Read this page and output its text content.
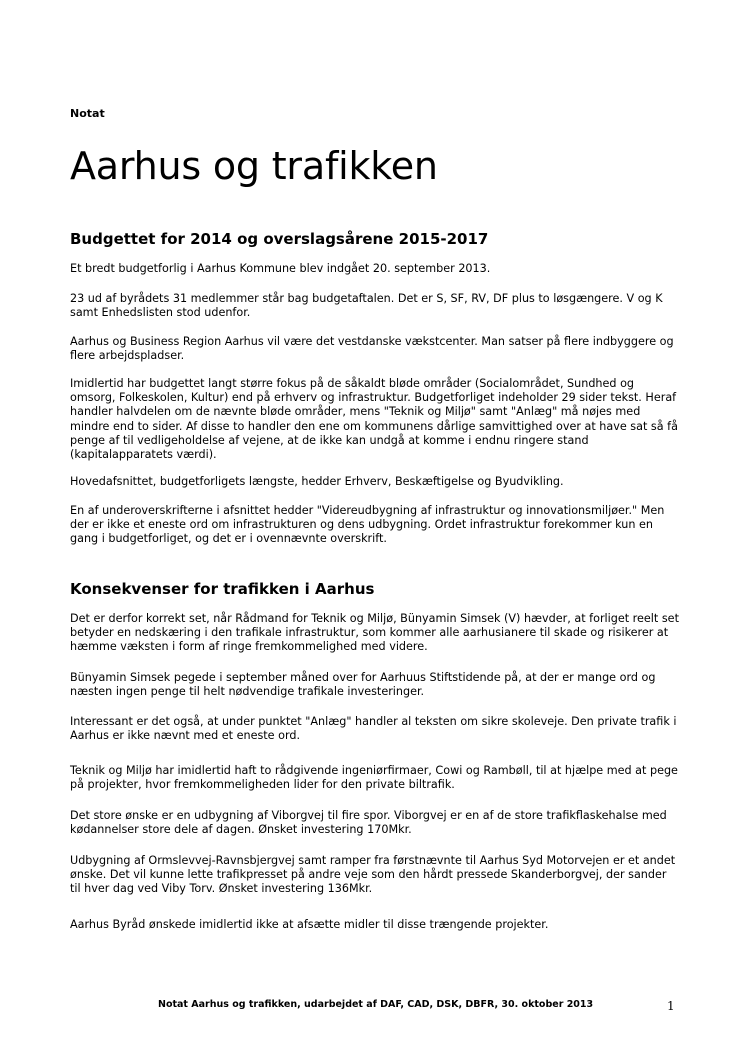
Notat

Aarhus og trafikken
Budgettet for 2014 og overslagsårene 2015-2017

Et bredt budgetforlig i Aarhus Kommune blev indgået 20. september 2013.

23 ud af byrådets 31 medlemmer står bag budgetaftalen. Det er S, SF, RV, DF plus to løsgængere. V og K samt Enhedslisten stod udenfor.

Aarhus og Business Region Aarhus vil være det vestdanske vækstcenter. Man satser på flere indbyggere og flere arbejdspladser.

Imidlertid har budgettet langt større fokus på de såkaldt bløde områder (Socialområdet, Sundhed og omsorg, Folkeskolen, Kultur) end på erhverv og infrastruktur. Budgetforliget indeholder 29 sider tekst. Heraf handler halvdelen om de nævnte bløde områder, mens "Teknik og Miljø" samt "Anlæg" må nøjes med mindre end to sider. Af disse to handler den ene om kommunens dårlige samvittighed over at have sat så få penge af til vedligeholdelse af vejene, at de ikke kan undgå at komme i endnu ringere stand (kapitalapparatets værdi).

Hovedafsnittet, budgetforligets længste, hedder Erhverv, Beskæftigelse og Byudvikling.

En af underoverskrifterne i afsnittet hedder "Videreudbygning af infrastruktur og innovationsmiljøer." Men der er ikke et eneste ord om infrastrukturen og dens udbygning. Ordet infrastruktur forekommer kun en gang i budgetforliget, og det er i ovennævnte overskrift.

Konsekvenser for trafikken i Aarhus

Det er derfor korrekt set, når Rådmand for Teknik og Miljø, Bünyamin Simsek (V) hævder, at forliget reelt set betyder en nedskæring i den trafikale infrastruktur, som kommer alle aarhusianere til skade og risikerer at hæmme væksten i form af ringe fremkommelighed med videre.

Bünyamin Simsek pegede i september måned over for Aarhuus Stiftstidende på, at der er mange ord og næsten ingen penge til helt nødvendige trafikale investeringer.

Interessant er det også, at under punktet "Anlæg" handler al teksten om sikre skoleveje. Den private trafik i Aarhus er ikke nævnt med et eneste ord.

Teknik og Miljø har imidlertid haft to rådgivende ingeniørfirmaer, Cowi og Rambøll, til at hjælpe med at pege på projekter, hvor fremkommeligheden lider for den private biltrafik.

Det store ønske er en udbygning af Viborgvej til fire spor. Viborgvej er en af de store trafikflaskehalse med kødannelser store dele af dagen. Ønsket investering 170Mkr.

Udbygning af Ormslevvej-Ravnsbjergvej samt ramper fra førstnævnte til Aarhus Syd Motorvejen er et andet ønske. Det vil kunne lette trafikpresset på andre veje som den hårdt pressede Skanderborgvej, der sander til hver dag ved Viby Torv. Ønsket investering 136Mkr.

Aarhus Byråd ønskede imidlertid ikke at afsætte midler til disse trængende projekter.

Notat Aarhus og trafikken, udarbejdet af DAF, CAD, DSK, DBFR, 30. oktober 2013	1
